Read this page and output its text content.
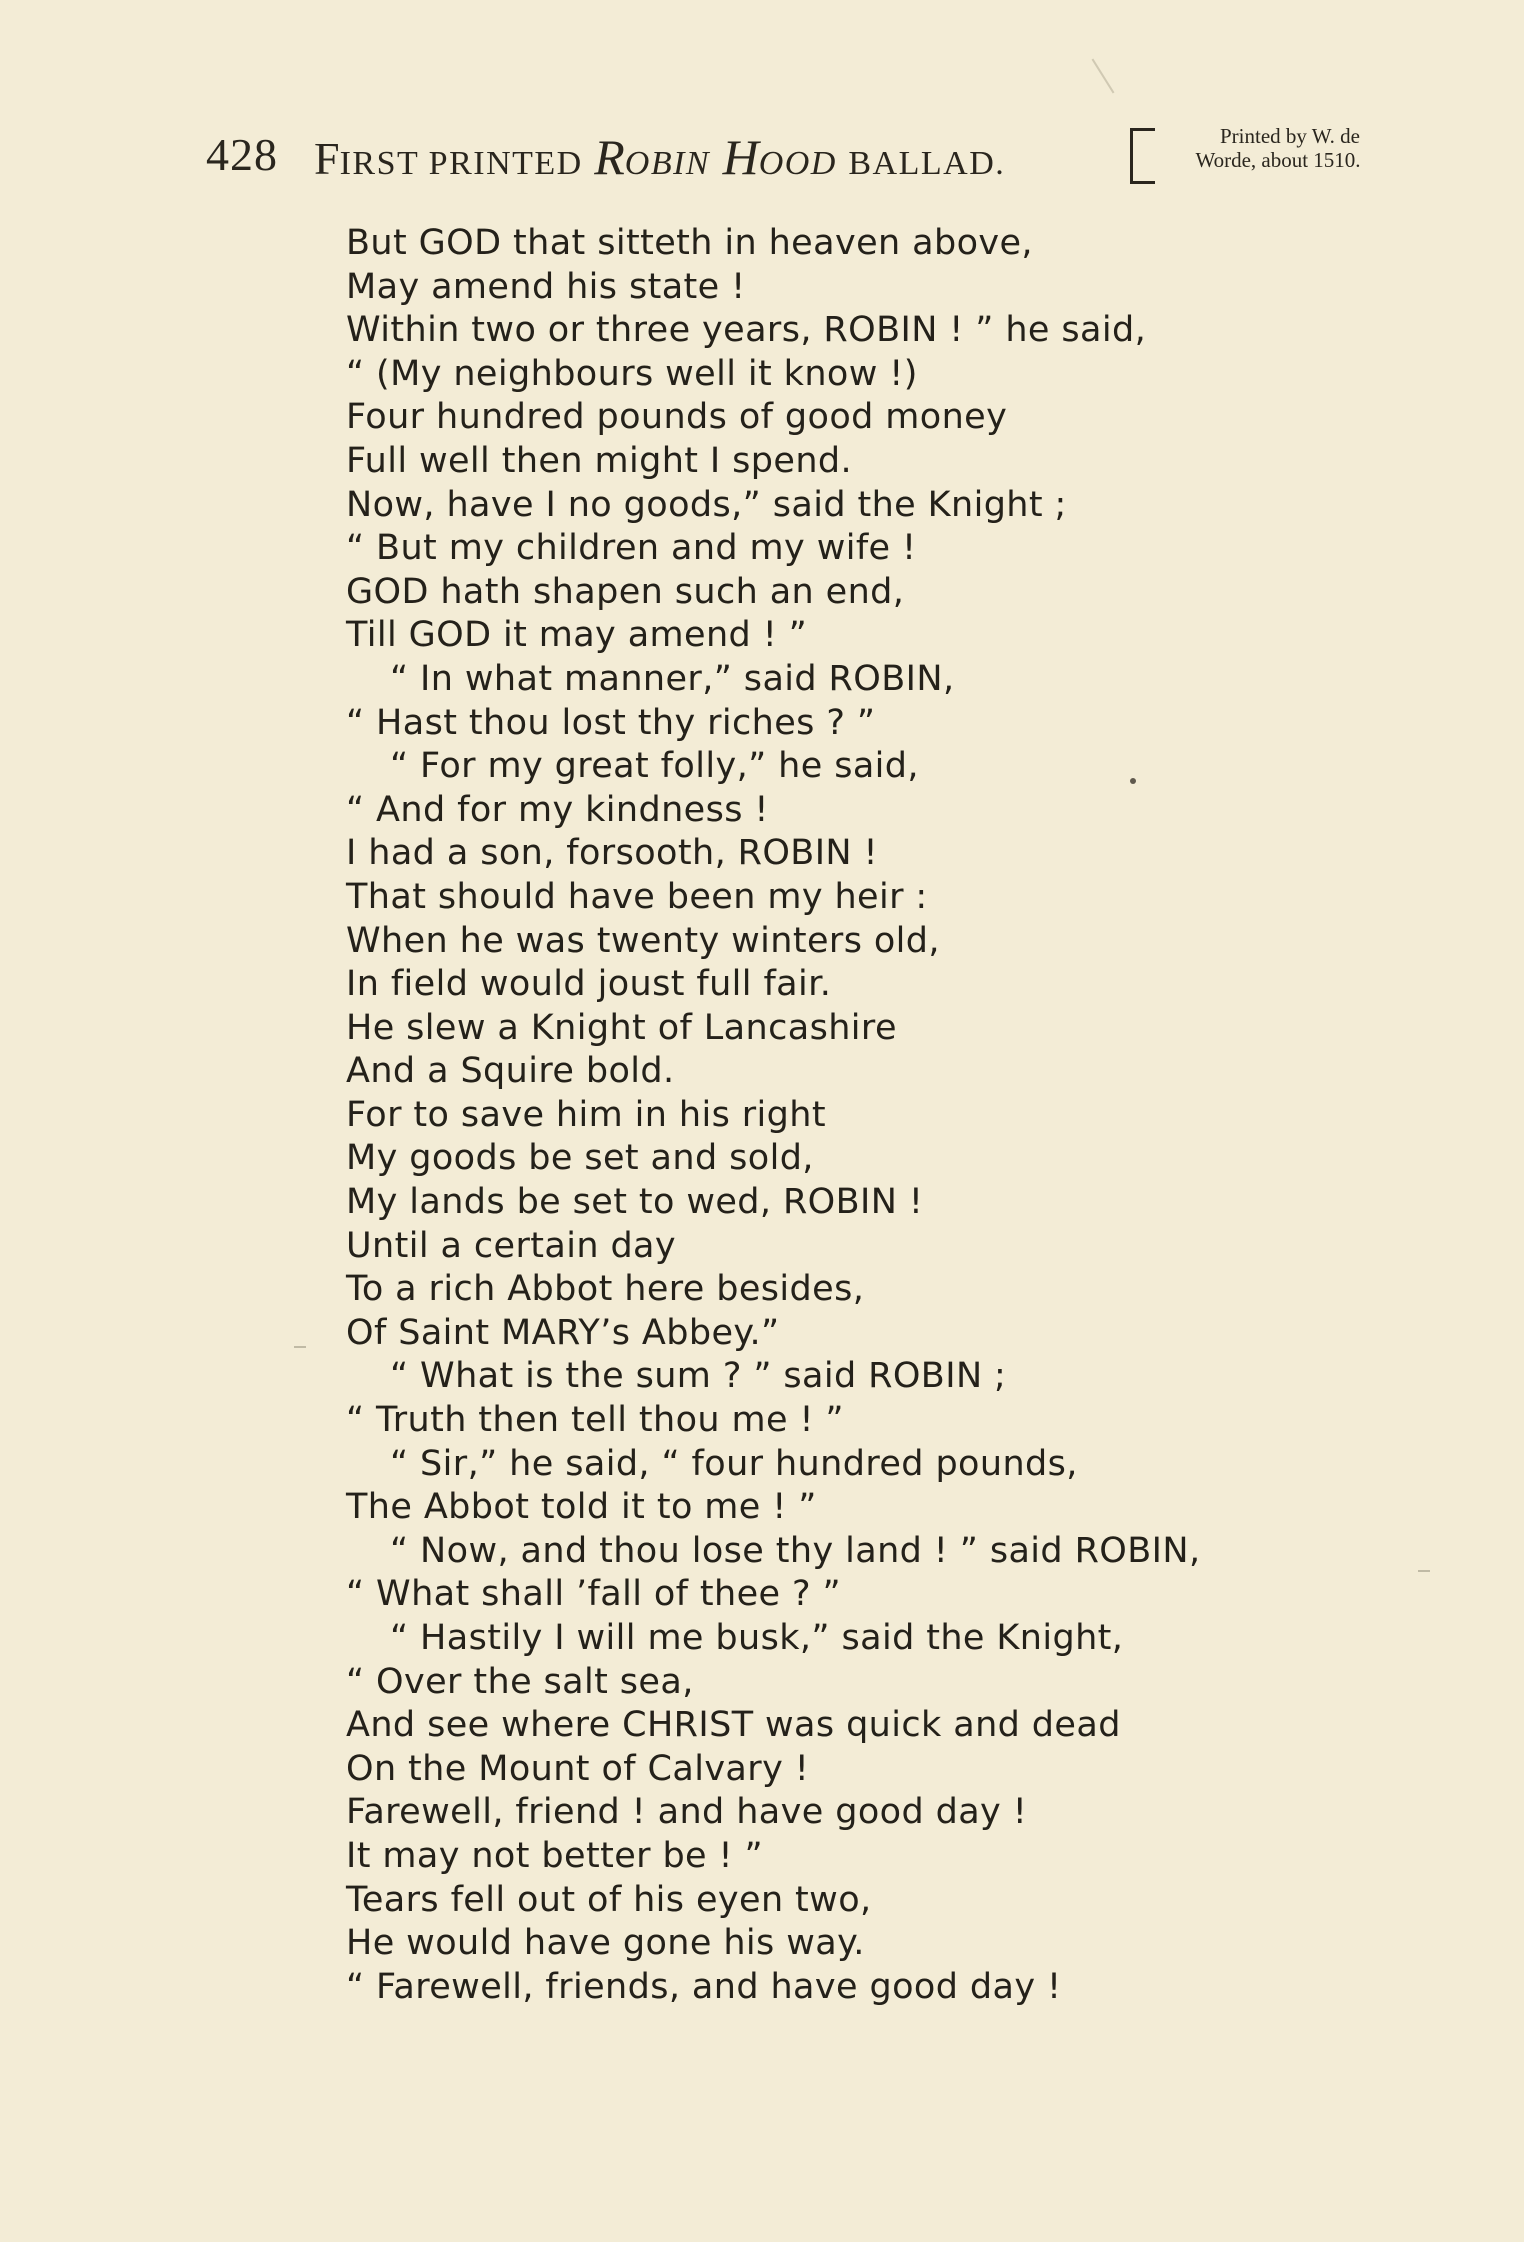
428 FIRST PRINTED ROBIN HOOD BALLAD.
Printed by W. de
Worde, about 1510.
But GOD that sitteth in heaven above,
May amend his state !
Within two or three years, ROBIN ! ” he said,
“ (My neighbours well it know !)
Four hundred pounds of good money
Full well then might I spend.
Now, have I no goods,” said the Knight ;
“ But my children and my wife !
GOD hath shapen such an end,
Till GOD it may amend ! ”
“ In what manner,” said ROBIN,
“ Hast thou lost thy riches ? ”
“ For my great folly,” he said,
“ And for my kindness !
I had a son, forsooth, ROBIN !
That should have been my heir :
When he was twenty winters old,
In field would joust full fair.
He slew a Knight of Lancashire
And a Squire bold.
For to save him in his right
My goods be set and sold,
My lands be set to wed, ROBIN !
Until a certain day
To a rich Abbot here besides,
Of Saint MARY’s Abbey.”
“ What is the sum ? ” said ROBIN ;
“ Truth then tell thou me ! ”
“ Sir,” he said, “ four hundred pounds,
The Abbot told it to me ! ”
“ Now, and thou lose thy land ! ” said ROBIN,
“ What shall ’fall of thee ? ”
“ Hastily I will me busk,” said the Knight,
“ Over the salt sea,
And see where CHRIST was quick and dead
On the Mount of Calvary !
Farewell, friend ! and have good day !
It may not better be ! ”
Tears fell out of his eyen two,
He would have gone his way.
“ Farewell, friends, and have good day !
